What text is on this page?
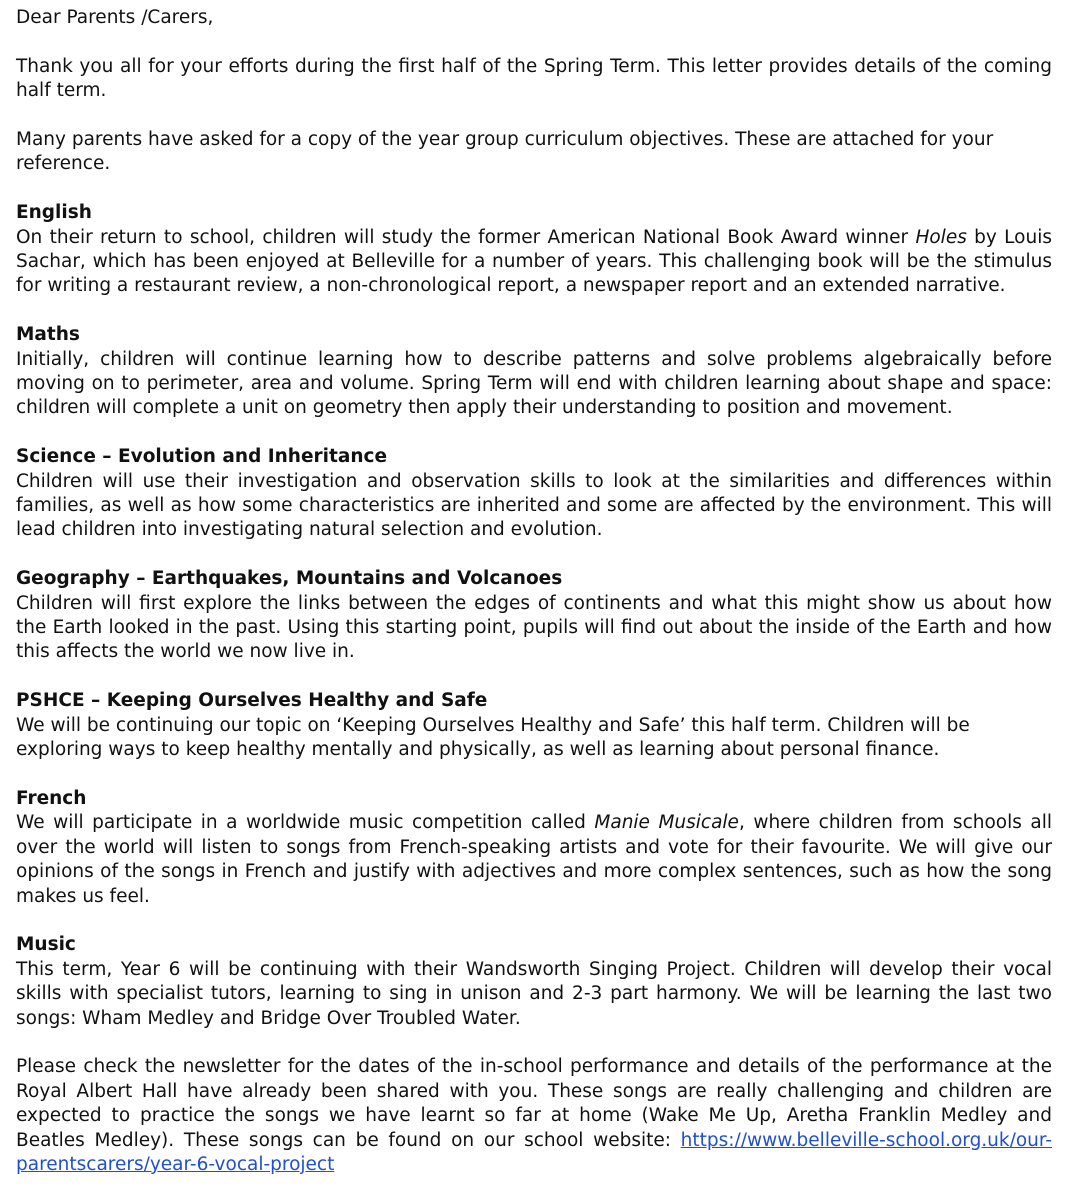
Dear Parents /Carers,

Thank you all for your efforts during the first half of the Spring Term. This letter provides details of the coming half term.

Many parents have asked for a copy of the year group curriculum objectives. These are attached for your reference.

English

On their return to school, children will study the former American National Book Award winner Holes by Louis Sachar, which has been enjoyed at Belleville for a number of years. This challenging book will be the stimulus for writing a restaurant review, a non-chronological report, a newspaper report and an extended narrative.

Maths

Initially, children will continue learning how to describe patterns and solve problems algebraically before moving on to perimeter, area and volume. Spring Term will end with children learning about shape and space: children will complete a unit on geometry then apply their understanding to position and movement.

Science – Evolution and Inheritance

Children will use their investigation and observation skills to look at the similarities and differences within families, as well as how some characteristics are inherited and some are affected by the environment. This will lead children into investigating natural selection and evolution.

Geography – Earthquakes, Mountains and Volcanoes

Children will first explore the links between the edges of continents and what this might show us about how the Earth looked in the past. Using this starting point, pupils will find out about the inside of the Earth and how this affects the world we now live in.

PSHCE – Keeping Ourselves Healthy and Safe

We will be continuing our topic on ‘Keeping Ourselves Healthy and Safe’ this half term. Children will be exploring ways to keep healthy mentally and physically, as well as learning about personal finance.

French

We will participate in a worldwide music competition called Manie Musicale, where children from schools all over the world will listen to songs from French-speaking artists and vote for their favourite. We will give our opinions of the songs in French and justify with adjectives and more complex sentences, such as how the song makes us feel.

Music

This term, Year 6 will be continuing with their Wandsworth Singing Project. Children will develop their vocal skills with specialist tutors, learning to sing in unison and 2-3 part harmony. We will be learning the last two songs: Wham Medley and Bridge Over Troubled Water.

Please check the newsletter for the dates of the in-school performance and details of the performance at the Royal Albert Hall have already been shared with you. These songs are really challenging and children are expected to practice the songs we have learnt so far at home (Wake Me Up, Aretha Franklin Medley and Beatles Medley). These songs can be found on our school website: https://www.belleville-school.org.uk/our-parentscarers/year-6-vocal-project
